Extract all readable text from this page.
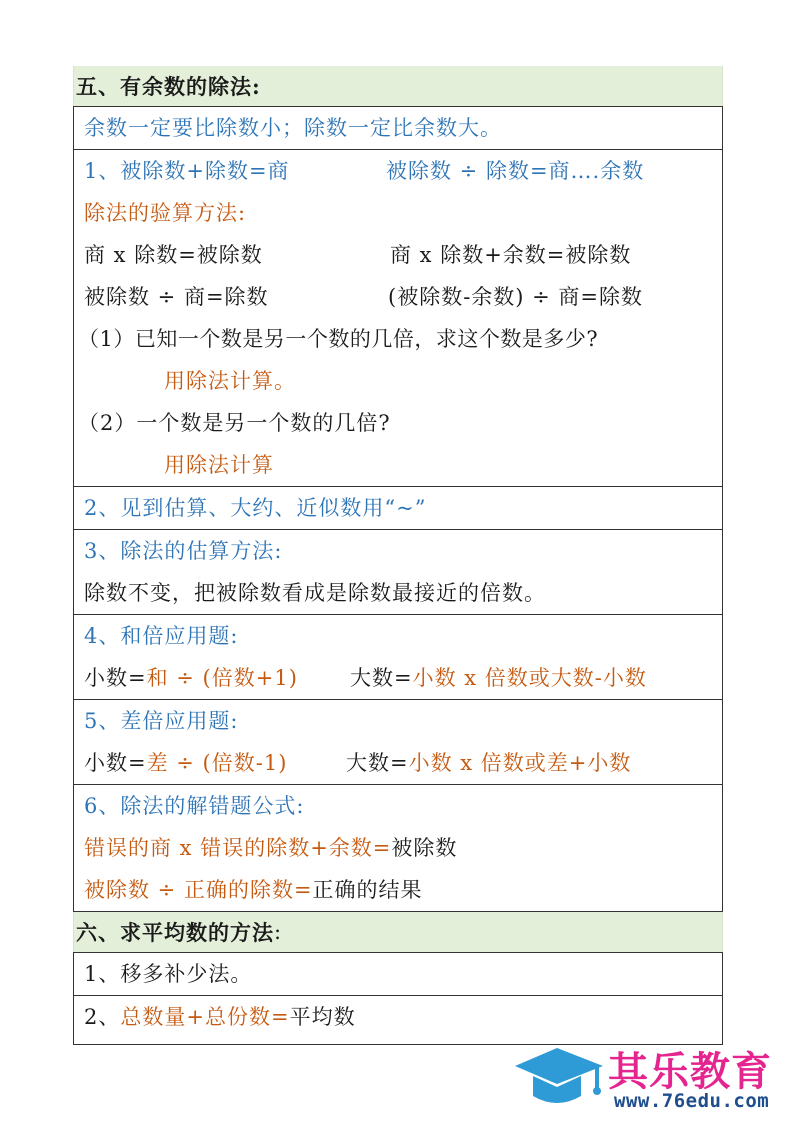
五、有余数的除法:
余数一定要比除数小；除数一定比余数大。
1、被除数+除数=商	被除数 ÷ 除数=商….余数
除法的验算方法:
商 x 除数=被除数	商 x 除数+余数=被除数
被除数 ÷ 商=除数	(被除数-余数) ÷ 商=除数
（1）已知一个数是另一个数的几倍，求这个数是多少?
用除法计算。
（2）一个数是另一个数的几倍?
用除法计算
2、见到估算、大约、近似数用“~”
3、除法的估算方法:
除数不变，把被除数看成是除数最接近的倍数。
4、和倍应用题:
小数=和 ÷ (倍数+1) 大数=小数 x 倍数或大数-小数
5、差倍应用题:
小数=差 ÷ (倍数-1)	大数=小数 x 倍数或差+小数
6、除法的解错题公式:
错误的商 x 错误的除数+余数=被除数
被除数 ÷ 正确的除数=正确的结果
六、求平均数的方法 :
1、移多补少法。
2、总数量+总份数=平均数
其乐教育
www.76edu.com
